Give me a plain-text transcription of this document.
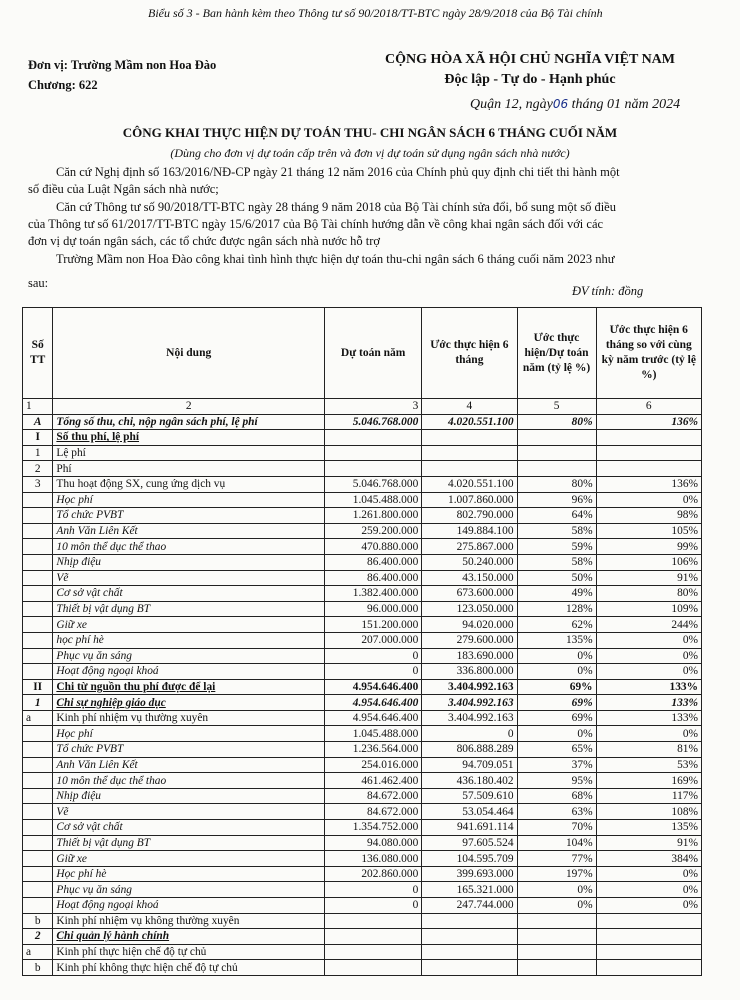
Biểu số 3 - Ban hành kèm theo Thông tư số 90/2018/TT-BTC ngày 28/9/2018 của Bộ Tài chính
Đơn vị: Trường Mầm non Hoa Đào
Chương: 622
CỘNG HÒA XÃ HỘI CHỦ NGHĨA VIỆT NAM
Độc lập - Tự do - Hạnh phúc
Quận 12, ngày06 tháng 01 năm 2024
CÔNG KHAI THỰC HIỆN DỰ TOÁN THU- CHI NGÂN SÁCH 6 THÁNG CUỐI NĂM
(Dùng cho đơn vị dự toán cấp trên và đơn vị dự toán sử dụng ngân sách nhà nước)
Căn cứ Nghị định số 163/2016/NĐ-CP ngày 21 tháng 12 năm 2016 của Chính phủ quy định chi tiết thi hành một
số điều của Luật Ngân sách nhà nước;
Căn cứ Thông tư số 90/2018/TT-BTC ngày 28 tháng 9 năm 2018 của Bộ Tài chính sửa đổi, bổ sung một số điều
của Thông tư số 61/2017/TT-BTC ngày 15/6/2017 của Bộ Tài chính hướng dẫn về công khai ngân sách đối với các
đơn vị dự toán ngân sách, các tổ chức được ngân sách nhà nước hỗ trợ
Trường Mầm non Hoa Đào công khai tình hình thực hiện dự toán thu-chi ngân sách 6 tháng cuối năm 2023 như
sau:
ĐV tính: đồng
Số TT	Nội dung	Dự toán năm	Ước thực hiện 6 tháng	Ước thực hiện/Dự toán năm (tỷ lệ %)	Ước thực hiện 6 tháng so với cùng kỳ năm trước (tỷ lệ %)
1	2	3	4	5	6
A	Tổng số thu, chi, nộp ngân sách phí, lệ phí	5.046.768.000	4.020.551.100	80%	136%
I	Số thu phí, lệ phí				
1	Lệ phí				
2	Phí				
3	Thu hoạt động SX, cung ứng dịch vụ	5.046.768.000	4.020.551.100	80%	136%
	Học phí	1.045.488.000	1.007.860.000	96%	0%
	Tổ chức PVBT	1.261.800.000	802.790.000	64%	98%
	Anh Văn Liên Kết	259.200.000	149.884.100	58%	105%
	10 môn thể dục thể thao	470.880.000	275.867.000	59%	99%
	Nhịp điệu	86.400.000	50.240.000	58%	106%
	Vẽ	86.400.000	43.150.000	50%	91%
	Cơ sở vật chất	1.382.400.000	673.600.000	49%	80%
	Thiết bị vật dụng BT	96.000.000	123.050.000	128%	109%
	Giữ xe	151.200.000	94.020.000	62%	244%
	học phí hè	207.000.000	279.600.000	135%	0%
	Phục vụ ăn sáng	0	183.690.000	0%	0%
	Hoạt động ngoại khoá	0	336.800.000	0%	0%
II	Chi từ nguồn thu phí được để lại	4.954.646.400	3.404.992.163	69%	133%
1	Chi sự nghiệp giáo dục	4.954.646.400	3.404.992.163	69%	133%
a	Kinh phí nhiệm vụ thường xuyên	4.954.646.400	3.404.992.163	69%	133%
	Học phí	1.045.488.000	0	0%	0%
	Tổ chức PVBT	1.236.564.000	806.888.289	65%	81%
	Anh Văn Liên Kết	254.016.000	94.709.051	37%	53%
	10 môn thể dục thể thao	461.462.400	436.180.402	95%	169%
	Nhịp điệu	84.672.000	57.509.610	68%	117%
	Vẽ	84.672.000	53.054.464	63%	108%
	Cơ sở vật chất	1.354.752.000	941.691.114	70%	135%
	Thiết bị vật dụng BT	94.080.000	97.605.524	104%	91%
	Giữ xe	136.080.000	104.595.709	77%	384%
	Học phí hè	202.860.000	399.693.000	197%	0%
	Phục vụ ăn sáng	0	165.321.000	0%	0%
	Hoạt động ngoại khoá	0	247.744.000	0%	0%
b	Kinh phí nhiệm vụ không thường xuyên				
2	Chi quản lý hành chính				
a	Kinh phí thực hiện chế độ tự chủ				
b	Kinh phí không thực hiện chế độ tự chủ				
